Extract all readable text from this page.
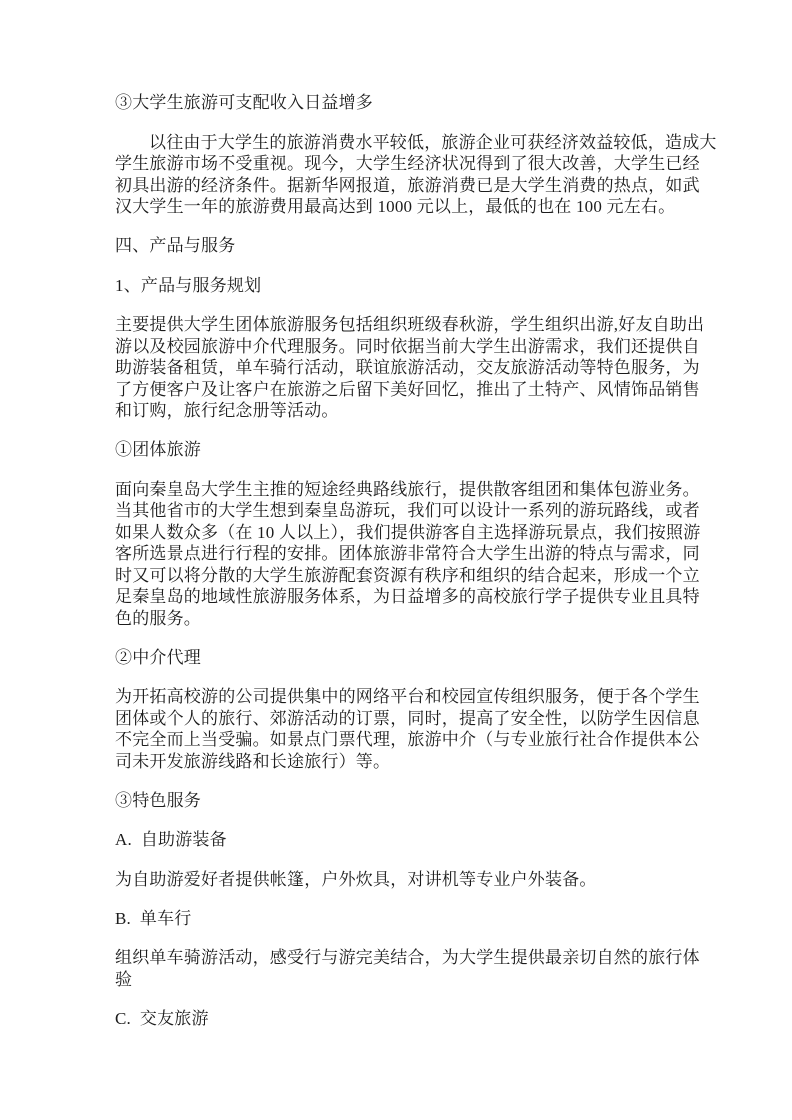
③大学生旅游可支配收入日益增多
以往由于大学生的旅游消费水平较低，旅游企业可获经济效益较低，造成大
学生旅游市场不受重视。现今，大学生经济状况得到了很大改善，大学生已经
初具出游的经济条件。据新华网报道，旅游消费已是大学生消费的热点，如武
汉大学生一年的旅游费用最高达到 1000 元以上，最低的也在 100 元左右。
四、产品与服务
1、产品与服务规划
主要提供大学生团体旅游服务包括组织班级春秋游，学生组织出游,好友自助出
游以及校园旅游中介代理服务。同时依据当前大学生出游需求，我们还提供自
助游装备租赁，单车骑行活动，联谊旅游活动，交友旅游活动等特色服务，为
了方便客户及让客户在旅游之后留下美好回忆，推出了土特产、风情饰品销售
和订购，旅行纪念册等活动。
①团体旅游
面向秦皇岛大学生主推的短途经典路线旅行，提供散客组团和集体包游业务。
当其他省市的大学生想到秦皇岛游玩，我们可以设计一系列的游玩路线，或者
如果人数众多（在 10 人以上），我们提供游客自主选择游玩景点，我们按照游
客所选景点进行行程的安排。团体旅游非常符合大学生出游的特点与需求，同
时又可以将分散的大学生旅游配套资源有秩序和组织的结合起来，形成一个立
足秦皇岛的地域性旅游服务体系，为日益增多的高校旅行学子提供专业且具特
色的服务。
②中介代理
为开拓高校游的公司提供集中的网络平台和校园宣传组织服务，便于各个学生
团体或个人的旅行、郊游活动的订票，同时，提高了安全性，以防学生因信息
不完全而上当受骗。如景点门票代理，旅游中介（与专业旅行社合作提供本公
司未开发旅游线路和长途旅行）等。
③特色服务
A.  自助游装备
为自助游爱好者提供帐篷，户外炊具，对讲机等专业户外装备。
B.  单车行
组织单车骑游活动，感受行与游完美结合，为大学生提供最亲切自然的旅行体
验
C.  交友旅游
